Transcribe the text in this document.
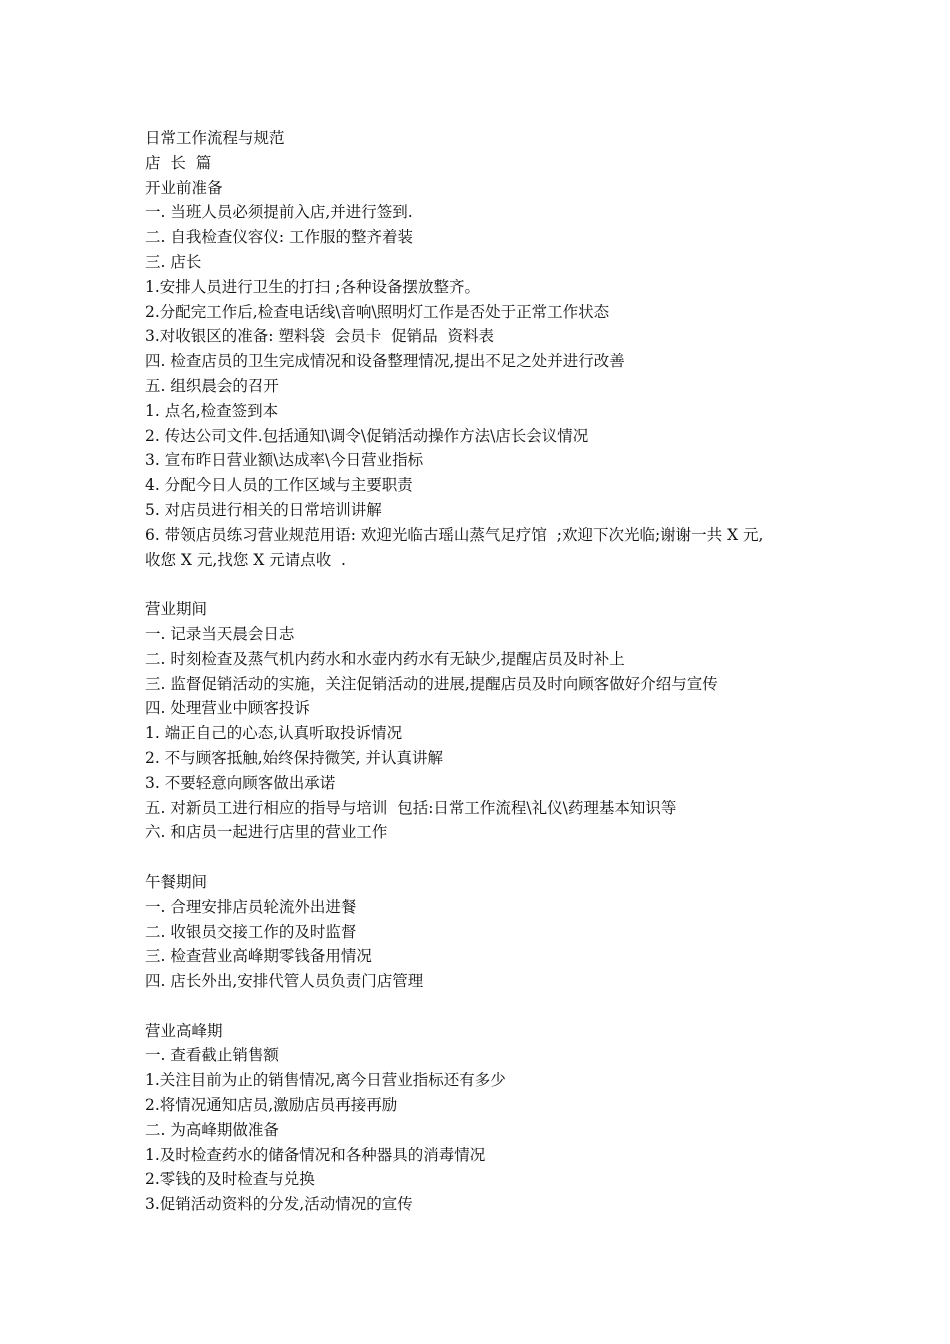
日常工作流程与规范
店  长  篇
开业前准备
一. 当班人员必须提前入店,并进行签到.
二. 自我检查仪容仪: 工作服的整齐着装
三. 店长
1.安排人员进行卫生的打扫 ;各种设备摆放整齐。
2.分配完工作后,检查电话线\音响\照明灯工作是否处于正常工作状态
3.对收银区的准备: 塑料袋  会员卡  促销品  资料表
四. 检查店员的卫生完成情况和设备整理情况,提出不足之处并进行改善
五. 组织晨会的召开
1. 点名,检查签到本
2. 传达公司文件.包括通知\调令\促销活动操作方法\店长会议情况
3. 宣布昨日营业额\达成率\今日营业指标
4. 分配今日人员的工作区域与主要职责
5. 对店员进行相关的日常培训讲解
6. 带领店员练习营业规范用语: 欢迎光临古瑶山蒸气足疗馆  ;欢迎下次光临;谢谢一共 X 元,
收您 X 元,找您 X 元请点收  .
营业期间
一. 记录当天晨会日志
二. 时刻检查及蒸气机内药水和水壶内药水有无缺少,提醒店员及时补上
三. 监督促销活动的实施，关注促销活动的进展,提醒店员及时向顾客做好介绍与宣传
四. 处理营业中顾客投诉
1. 端正自己的心态,认真听取投诉情况
2. 不与顾客抵触,始终保持微笑, 并认真讲解
3. 不要轻意向顾客做出承诺
五. 对新员工进行相应的指导与培训  包括:日常工作流程\礼仪\药理基本知识等
六. 和店员一起进行店里的营业工作
午餐期间
一. 合理安排店员轮流外出进餐
二. 收银员交接工作的及时监督
三. 检查营业高峰期零钱备用情况
四. 店长外出,安排代管人员负责门店管理
营业高峰期
一. 查看截止销售额
1.关注目前为止的销售情况,离今日营业指标还有多少
2.将情况通知店员,激励店员再接再励
二. 为高峰期做准备
1.及时检查药水的储备情况和各种器具的消毒情况
2.零钱的及时检查与兑换
3.促销活动资料的分发,活动情况的宣传
